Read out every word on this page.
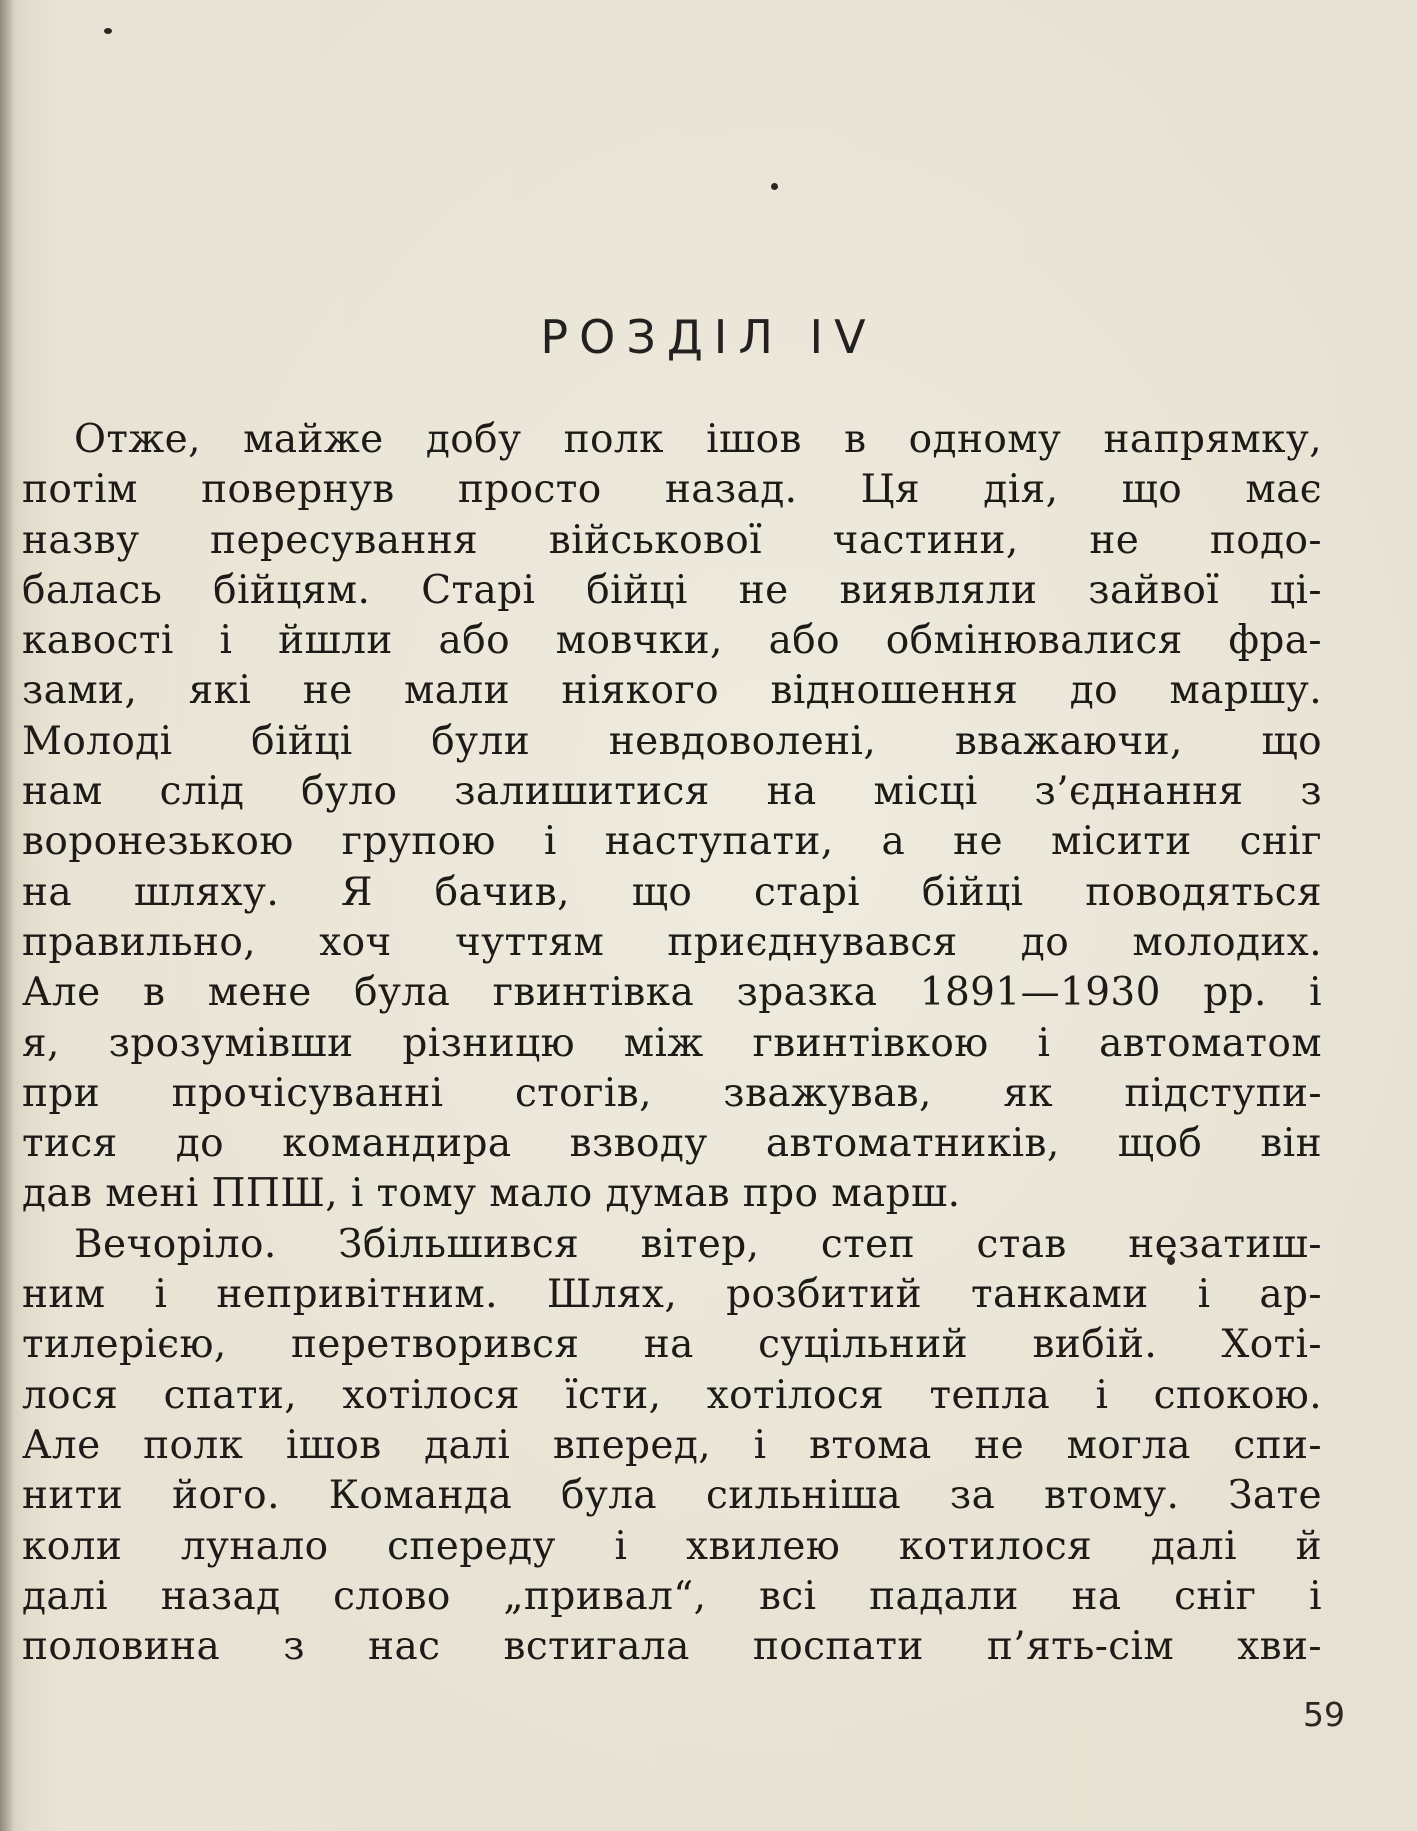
РОЗДІЛ IV
Отже, майже добу полк ішов в одному напрямку,
потім повернув просто назад. Ця дія, що має
назву пересування військової частини, не подо-
балась бійцям. Старі бійці не виявляли зайвої ці-
кавості і йшли або мовчки, або обмінювалися фра-
зами, які не мали ніякого відношення до маршу.
Молоді бійці були невдоволені, вважаючи, що
нам слід було залишитися на місці з’єднання з
воронезькою групою і наступати, а не місити сніг
на шляху. Я бачив, що старі бійці поводяться
правильно, хоч чуттям приєднувався до молодих.
Але в мене була гвинтівка зразка 1891—1930 рр. і
я, зрозумівши різницю між гвинтівкою і автоматом
при прочісуванні стогів, зважував, як підступи-
тися до командира взводу автоматників, щоб він
дав мені ППШ, і тому мало думав про марш.
Вечоріло. Збільшився вітер, степ став незатиш-
ним і непривітним. Шлях, розбитий танками і ар-
тилерією, перетворився на суцільний вибій. Хоті-
лося спати, хотілося їсти, хотілося тепла і спокою.
Але полк ішов далі вперед, і втома не могла спи-
нити його. Команда була сильніша за втому. Зате
коли лунало спереду і хвилею котилося далі й
далі назад слово „привал“, всі падали на сніг і
половина з нас встигала поспати п’ять-сім хви-
59
